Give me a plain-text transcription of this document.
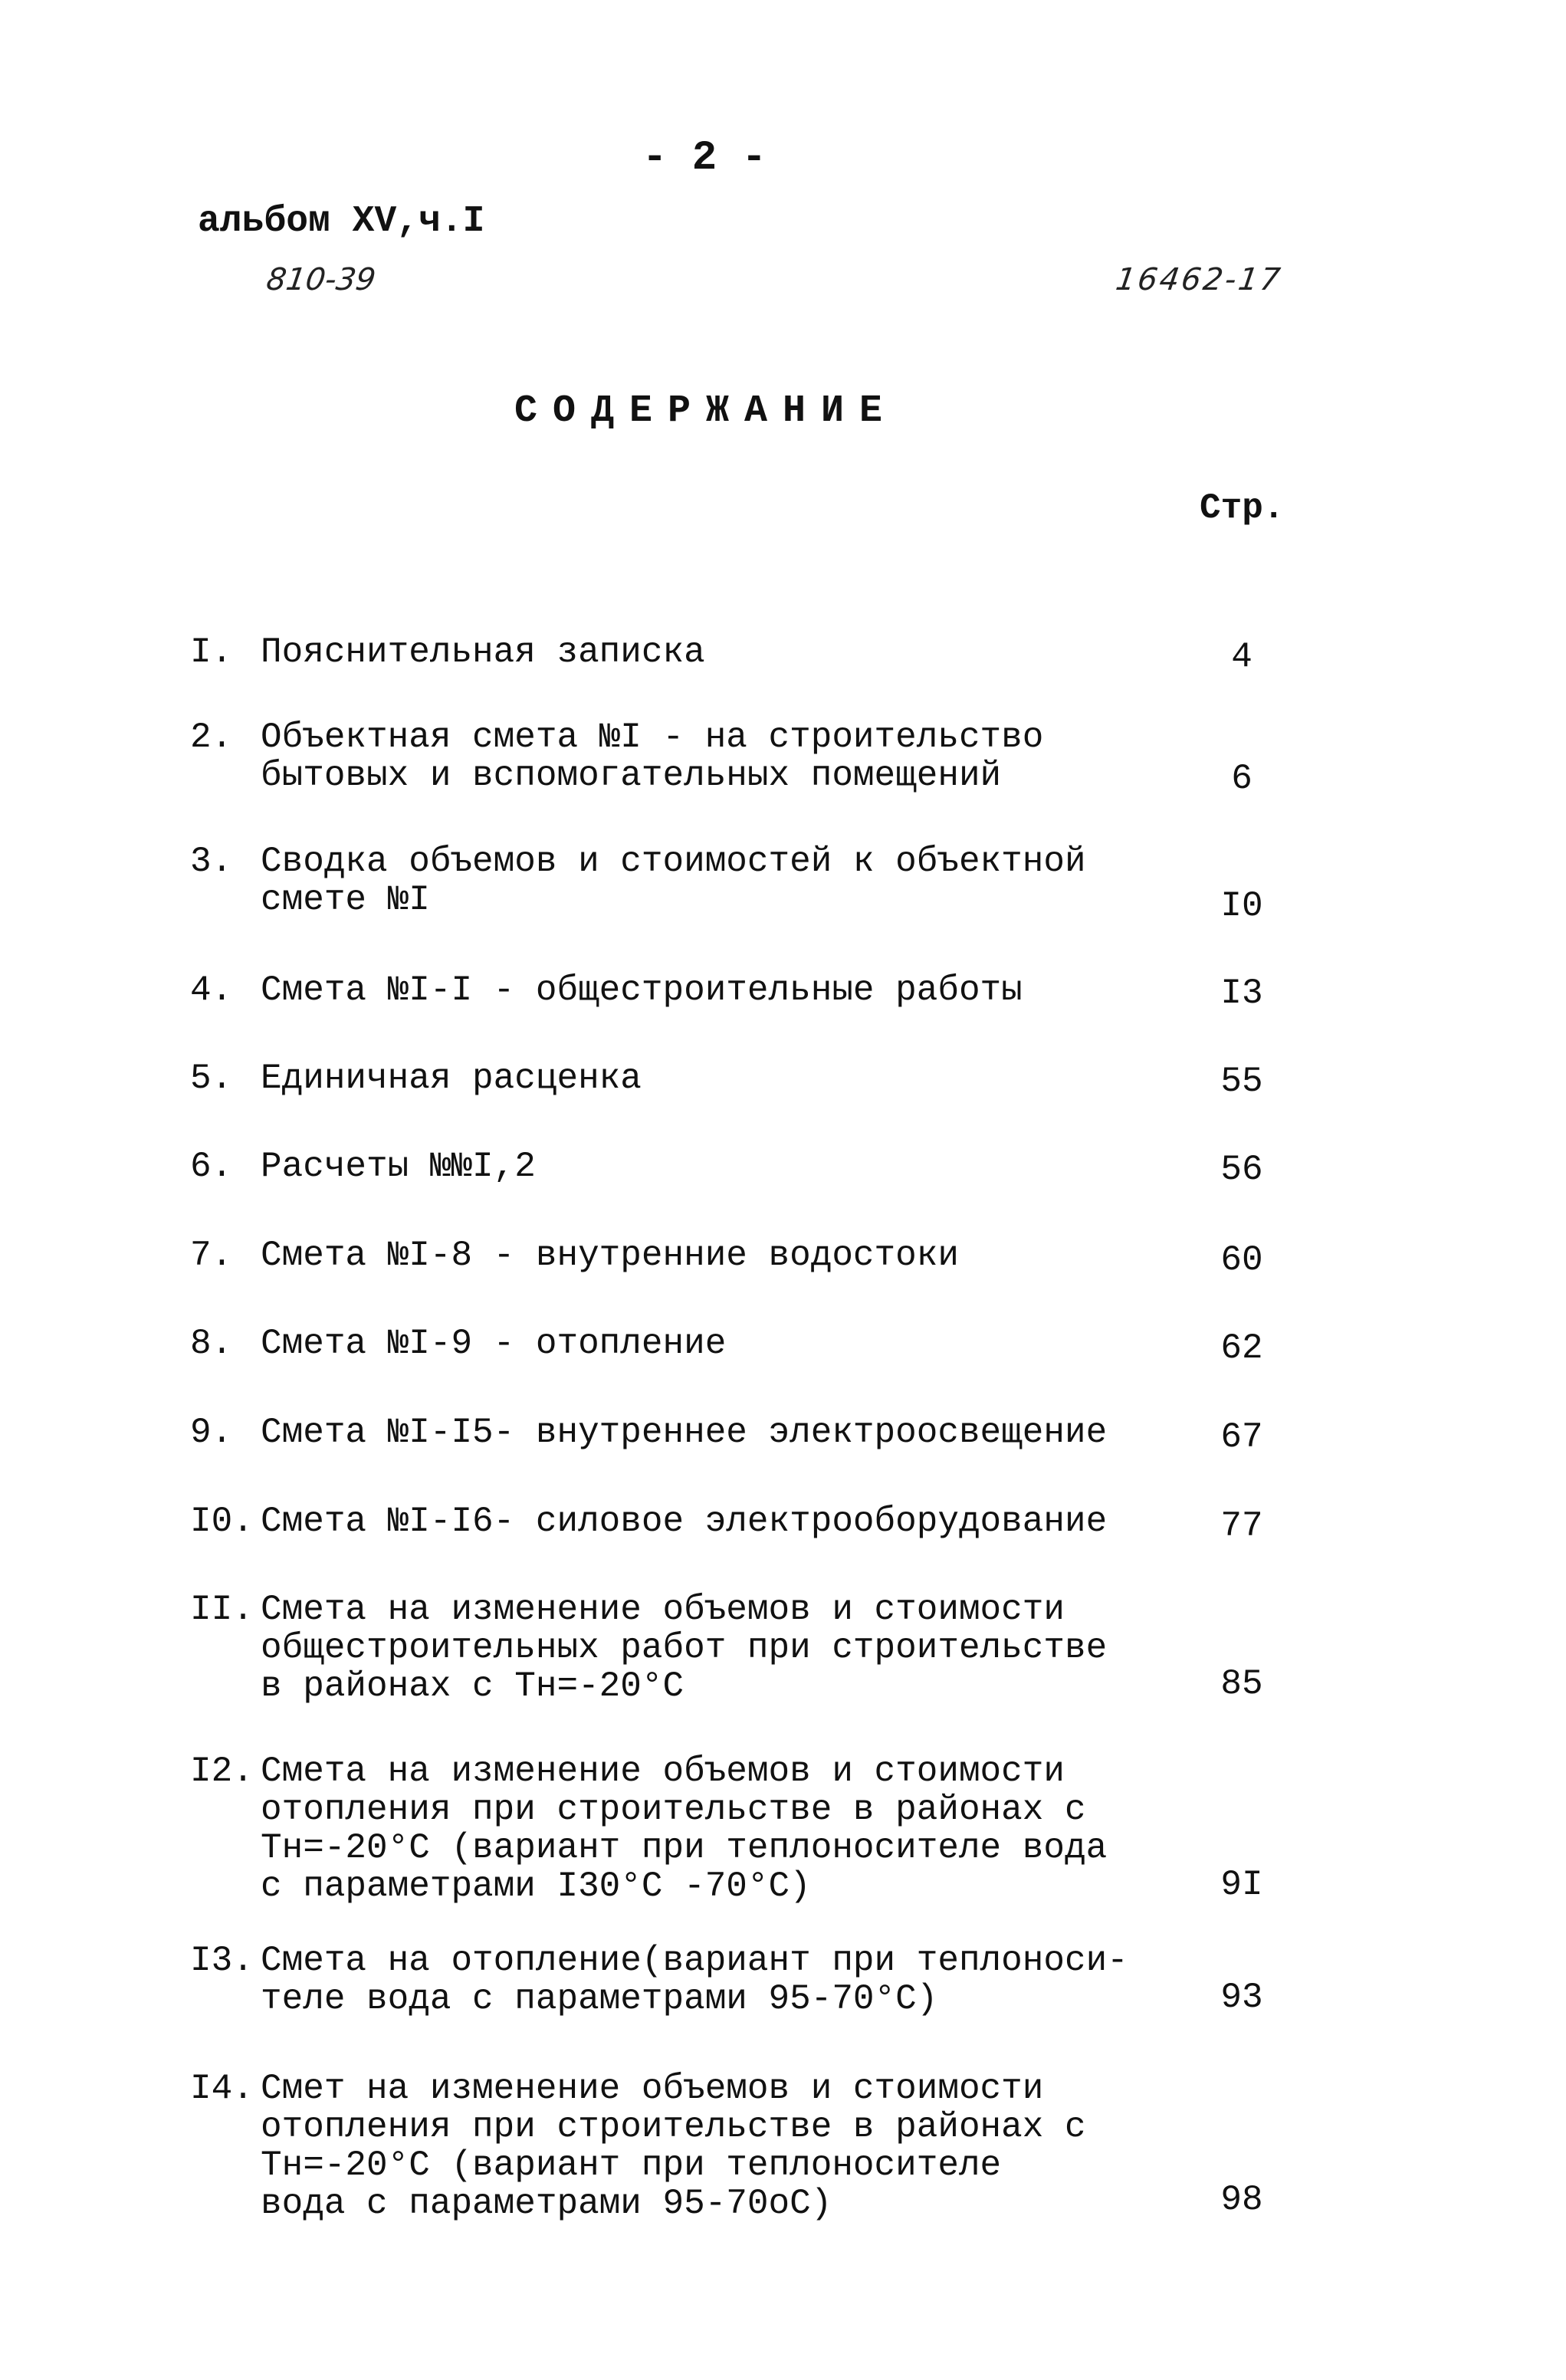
- 2 -
альбом XV,ч.I
810-39	16462-17
СОДЕРЖАНИЕ
Стр.
I. Пояснительная записка	4
2. Объектная смета №I - на строительство
бытовых и вспомогательных помещений	6
3. Сводка объемов и стоимостей к объектной
смете №I	I0
4. Смета №I-I - общестроительные работы	I3
5. Единичная расценка	55
6. Расчеты №№I,2	56
7. Смета №I-8 - внутренние водостоки	60
8. Смета №I-9 - отопление	62
9. Смета №I-I5- внутреннее электроосвещение	67
I0. Смета №I-I6- силовое электрооборудование	77
II. Смета на изменение объемов и стоимости
общестроительных работ при строительстве
в районах с Тн=-20°С	85
I2. Смета на изменение объемов и стоимости
отопления при строительстве в районах с
Тн=-20°С (вариант при теплоносителе вода
с параметрами I30°С -70°С)	9I
I3. Смета на отопление(вариант при теплоноси-
теле вода с параметрами 95-70°С)	93
I4. Смет на изменение объемов и стоимости
отопления при строительстве в районах с
Тн=-20°С (вариант при теплоносителе
вода с параметрами 95-70оС)	98
